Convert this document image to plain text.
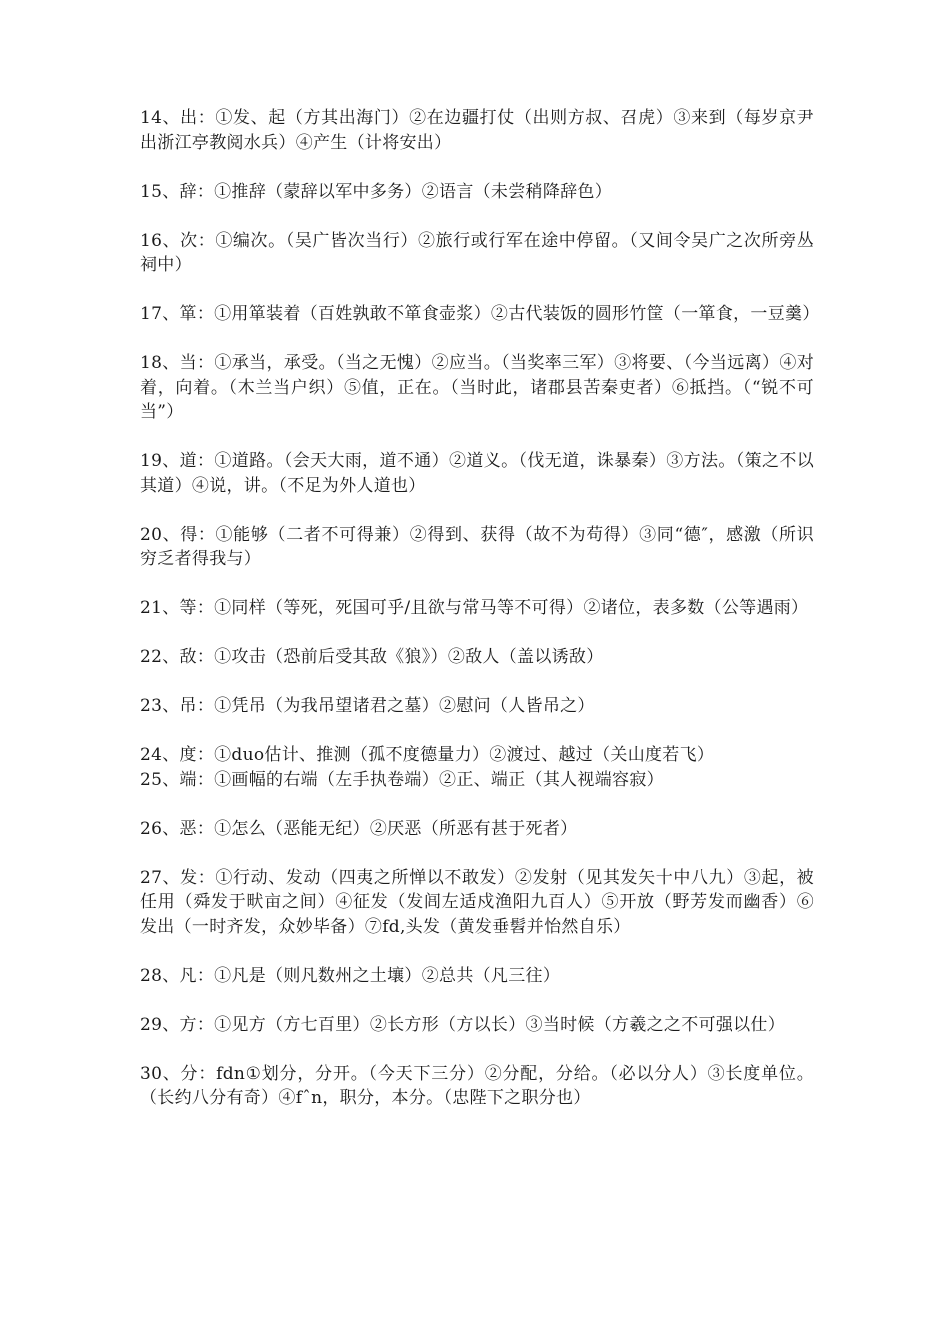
14、出：①发、起（方其出海门）②在边疆打仗（出则方叔、召虎）③来到（每岁京尹出浙江亭教阅水兵）④产生（计将安出）

15、辞：①推辞（蒙辞以军中多务）②语言（未尝稍降辞色）

16、次：①编次。（吴广皆次当行）②旅行或行军在途中停留。（又间令吴广之次所旁丛祠中）

17、箪：①用箪装着（百姓孰敢不箪食壶浆）②古代装饭的圆形竹筐（一箪食，一豆羹）

18、当：①承当，承受。（当之无愧）②应当。（当奖率三军）③将要、（今当远离）④对着，向着。（木兰当户织）⑤值，正在。（当时此，诸郡县苦秦吏者）⑥抵挡。（“锐不可当”）

19、道：①道路。（会天大雨，道不通）②道义。（伐无道，诛暴秦）③方法。（策之不以其道）④说，讲。（不足为外人道也）

20、得：①能够（二者不可得兼）②得到、获得（故不为苟得）③同“德″，感激（所识穷乏者得我与）

21、等：①同样（等死，死国可乎/且欲与常马等不可得）②诸位，表多数（公等遇雨）

22、敌：①攻击（恐前后受其敌《狼》）②敌人（盖以诱敌）

23、吊：①凭吊（为我吊望诸君之墓）②慰问（人皆吊之）

24、度：①duo估计、推测（孤不度德量力）②渡过、越过（关山度若飞）

25、端：①画幅的右端（左手执卷端）②正、端正（其人视端容寂）

26、恶：①怎么（恶能无纪）②厌恶（所恶有甚于死者）

27、发：①行动、发动（四夷之所惮以不敢发）②发射（见其发矢十中八九）③起，被任用（舜发于畎亩之间）④征发（发闾左适戍渔阳九百人）⑤开放（野芳发而幽香）⑥发出（一时齐发，众妙毕备）⑦fd,头发（黄发垂髫并怡然自乐）

28、凡：①凡是（则凡数州之土壤）②总共（凡三往）

29、方：①见方（方七百里）②长方形（方以长）③当时候（方羲之之不可强以仕）

30、分：fdn①划分，分开。（今天下三分）②分配，分给。（必以分人）③长度单位。（长约八分有奇）④fˆn，职分，本分。（忠陛下之职分也）
